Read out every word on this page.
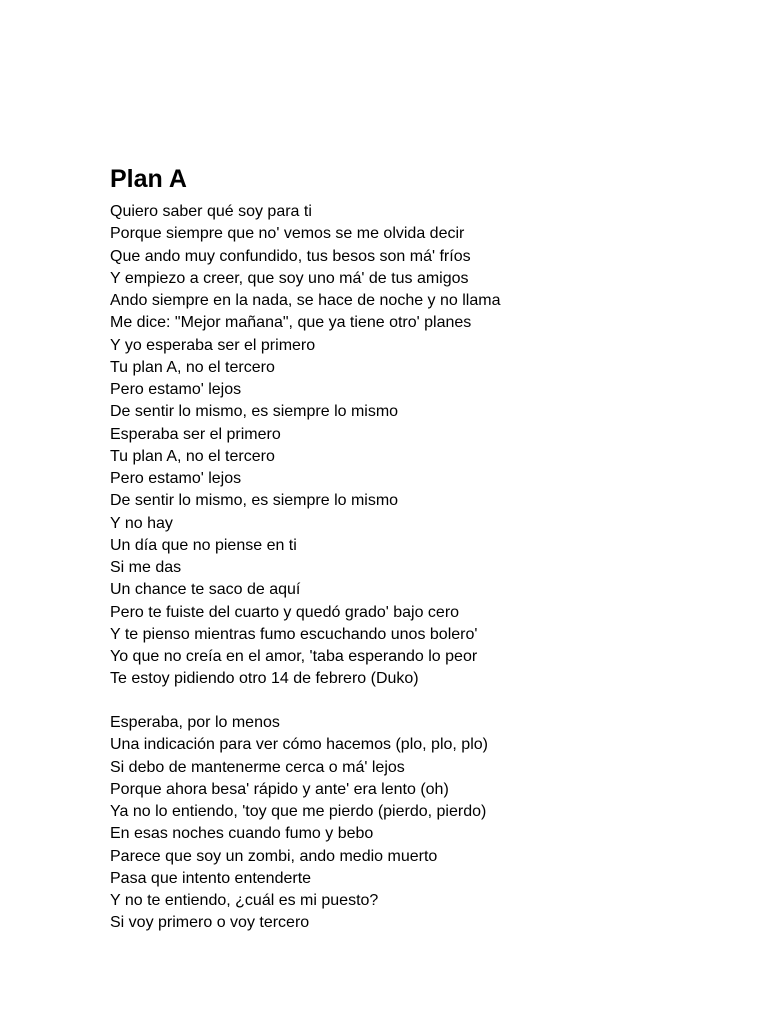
Plan A
Quiero saber qué soy para ti
Porque siempre que no' vemos se me olvida decir
Que ando muy confundido, tus besos son má' fríos
Y empiezo a creer, que soy uno má' de tus amigos
Ando siempre en la nada, se hace de noche y no llama
Me dice: "Mejor mañana", que ya tiene otro' planes
Y yo esperaba ser el primero
Tu plan A, no el tercero
Pero estamo' lejos
De sentir lo mismo, es siempre lo mismo
Esperaba ser el primero
Tu plan A, no el tercero
Pero estamo' lejos
De sentir lo mismo, es siempre lo mismo
Y no hay
Un día que no piense en ti
Si me das
Un chance te saco de aquí
Pero te fuiste del cuarto y quedó grado' bajo cero
Y te pienso mientras fumo escuchando unos bolero'
Yo que no creía en el amor, 'taba esperando lo peor
Te estoy pidiendo otro 14 de febrero (Duko)
Esperaba, por lo menos
Una indicación para ver cómo hacemos (plo, plo, plo)
Si debo de mantenerme cerca o má' lejos
Porque ahora besa' rápido y ante' era lento (oh)
Ya no lo entiendo, 'toy que me pierdo (pierdo, pierdo)
En esas noches cuando fumo y bebo
Parece que soy un zombi, ando medio muerto
Pasa que intento entenderte
Y no te entiendo, ¿cuál es mi puesto?
Si voy primero o voy tercero
